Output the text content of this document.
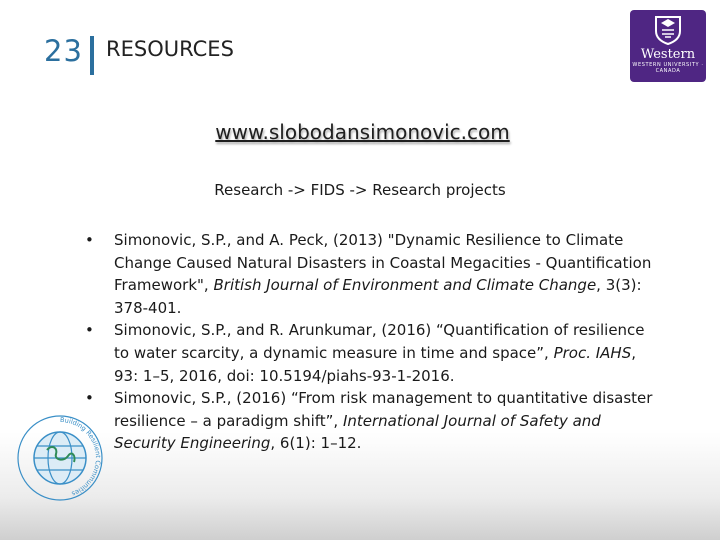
23 RESOURCES	Western
WESTERN UNIVERSITY · CANADA
www.slobodansimonovic.com
Research -> FIDS -> Research projects
• Simonovic, S.P., and A. Peck, (2013) "Dynamic Resilience to Climate Change Caused Natural Disasters in Coastal Megacities - Quantification Framework", British Journal of Environment and Climate Change, 3(3): 378-401.
• Simonovic, S.P., and R. Arunkumar, (2016) “Quantification of resilience to water scarcity, a dynamic measure in time and space”, Proc. IAHS, 93: 1–5, 2016, doi: 10.5194/piahs-93-1-2016.
• Simonovic, S.P., (2016) “From risk management to quantitative disaster resilience – a paradigm shift”, International Journal of Safety and Security Engineering, 6(1): 1–12.
Building Resilient Communities
